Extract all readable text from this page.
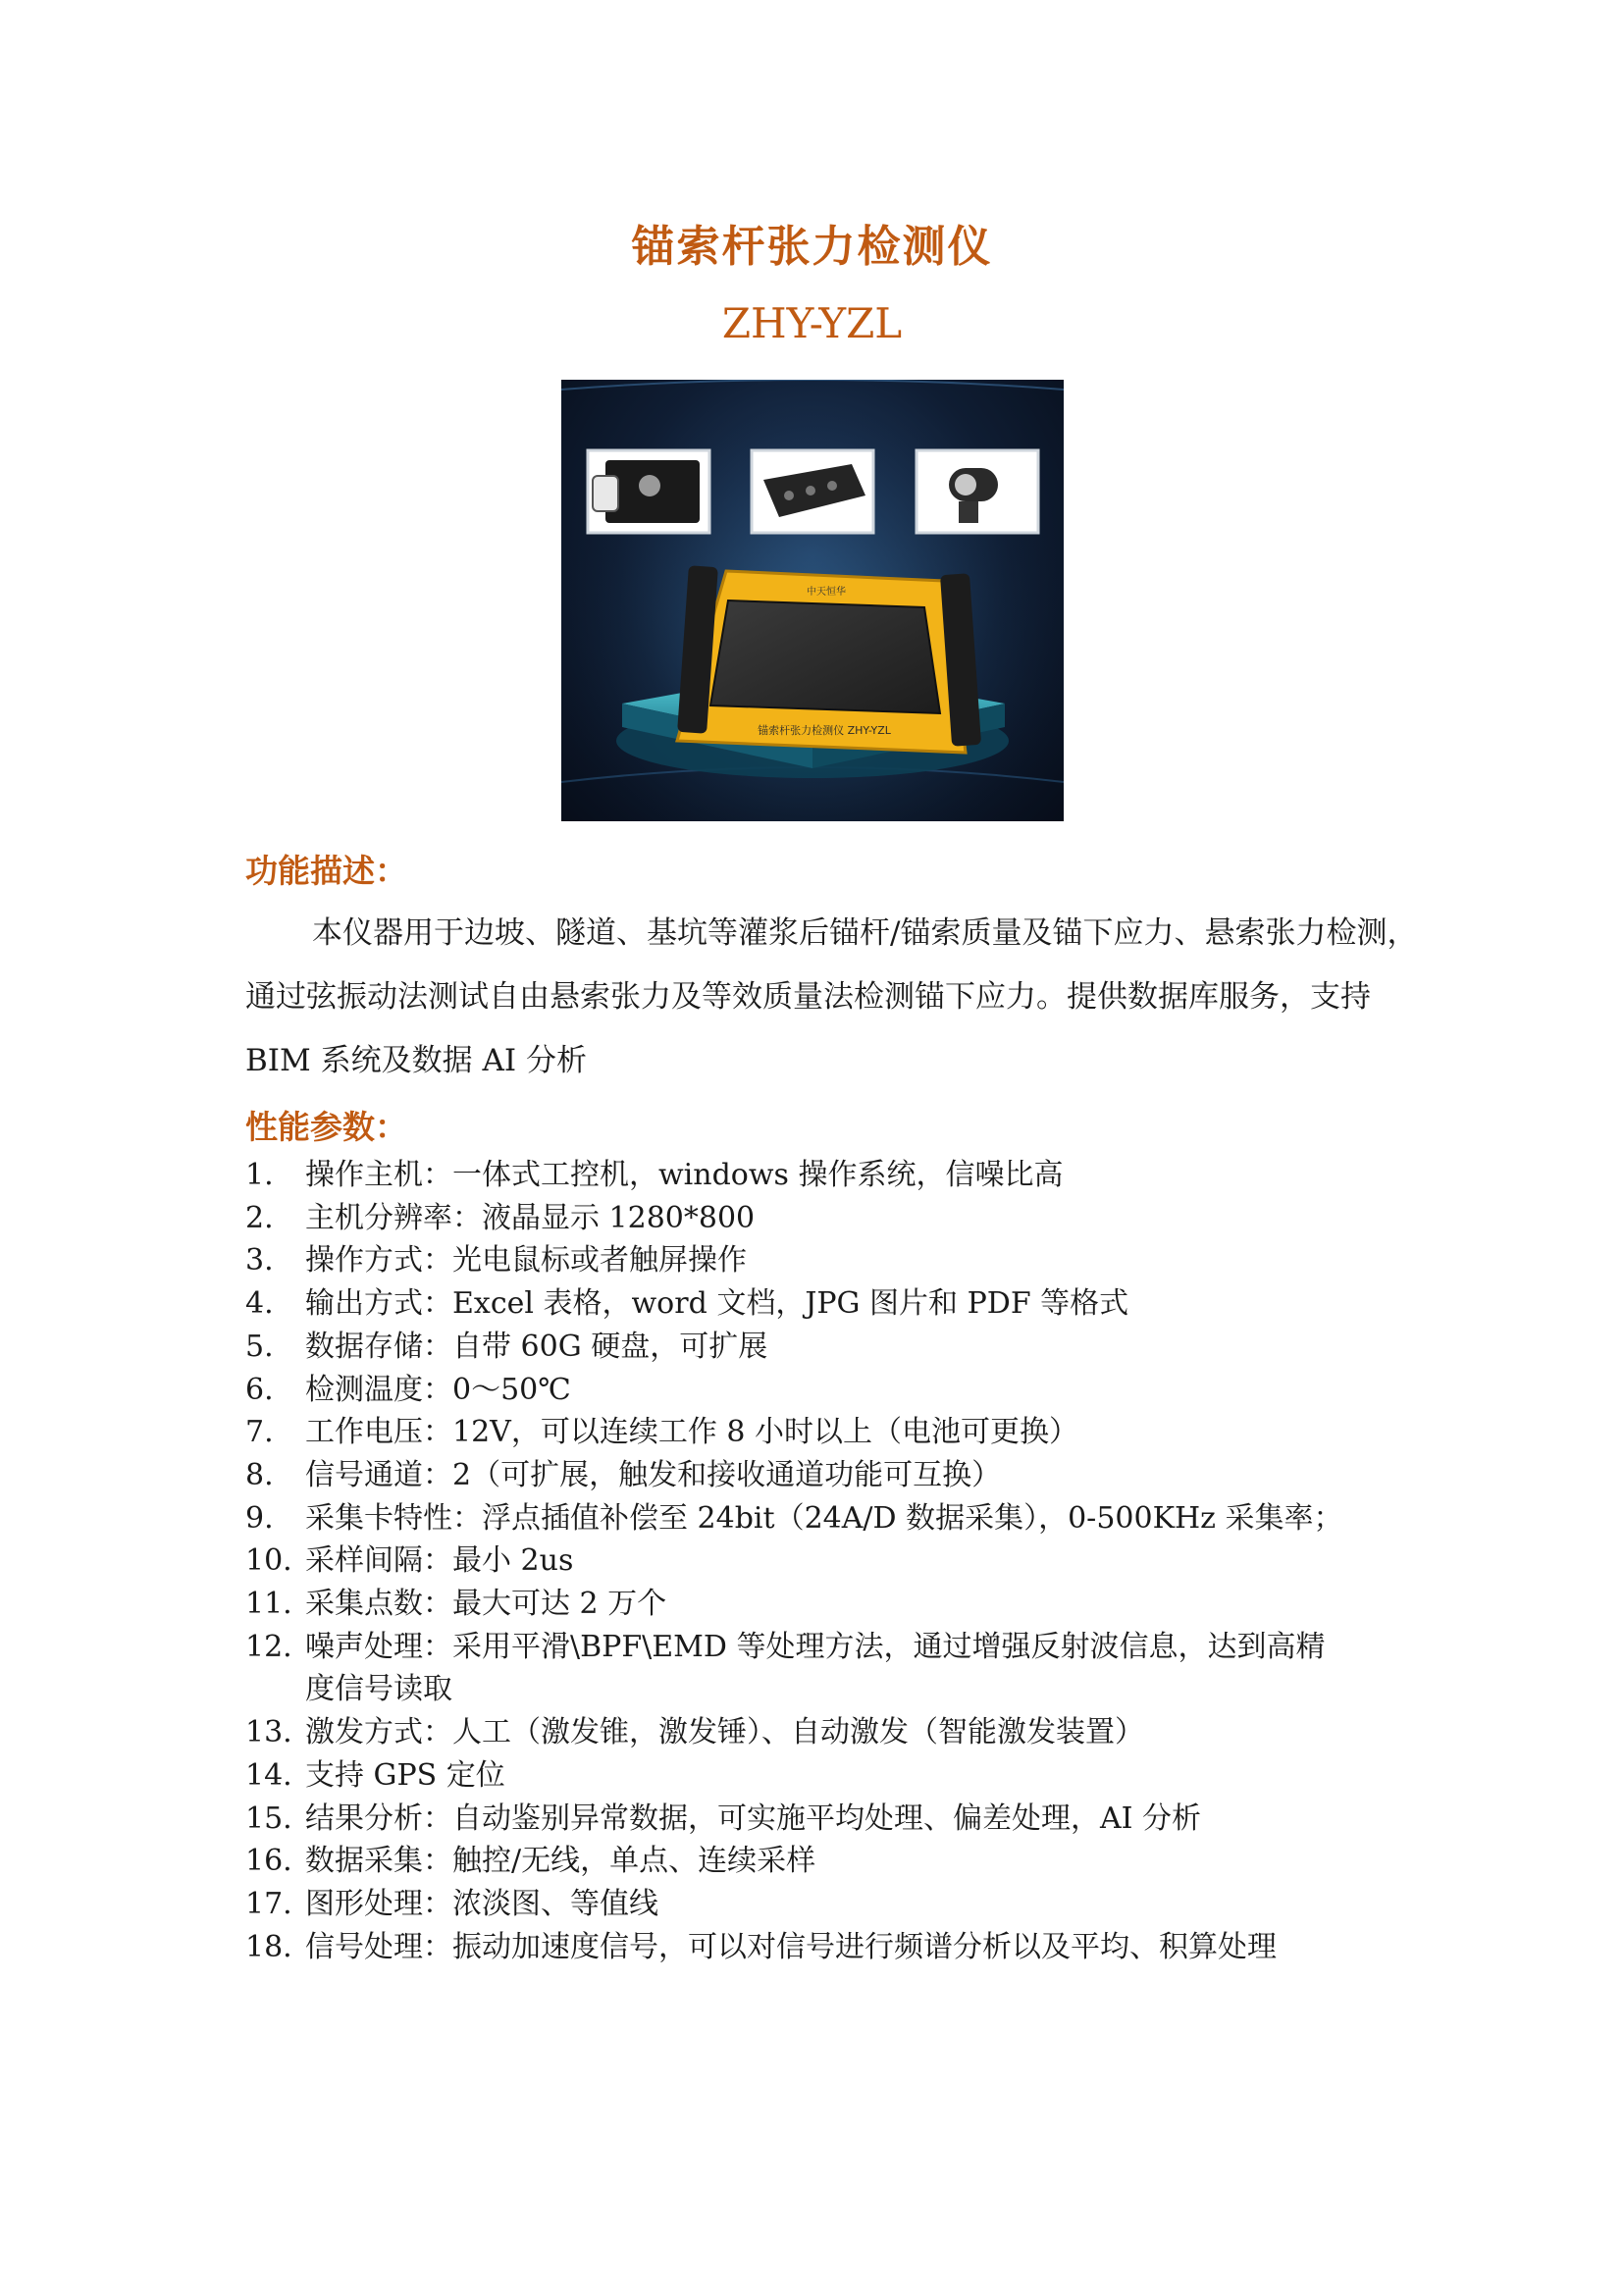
锚索杆张力检测仪
ZHY-YZL
中天恒华
锚索杆张力检测仪 ZHY-YZL
功能描述：
本仪器用于边坡、隧道、基坑等灌浆后锚杆/锚索质量及锚下应力、悬索张力检测，
通过弦振动法测试自由悬索张力及等效质量法检测锚下应力。提供数据库服务，支持
BIM 系统及数据 AI 分析
性能参数：
1.	操作主机：一体式工控机，windows 操作系统，信噪比高
2.	主机分辨率：液晶显示 1280*800
3.	操作方式：光电鼠标或者触屏操作
4.	输出方式：Excel 表格，word 文档，JPG 图片和 PDF 等格式
5.	数据存储：自带 60G 硬盘，可扩展
6.	检测温度：0～50℃
7.	工作电压：12V，可以连续工作 8 小时以上（电池可更换）
8.	信号通道：2（可扩展，触发和接收通道功能可互换）
9.	采集卡特性：浮点插值补偿至 24bit（24A/D 数据采集），0-500KHz 采集率；
10. 采样间隔：最小 2us
11. 采集点数：最大可达 2 万个
12. 噪声处理：采用平滑\BPF\EMD 等处理方法，通过增强反射波信息，达到高精
度信号读取
13. 激发方式：人工（激发锥，激发锤）、自动激发（智能激发装置）
14. 支持 GPS 定位
15. 结果分析：自动鉴别异常数据，可实施平均处理、偏差处理，AI 分析
16. 数据采集：触控/无线，单点、连续采样
17. 图形处理：浓淡图、等值线
18. 信号处理：振动加速度信号，可以对信号进行频谱分析以及平均、积算处理
